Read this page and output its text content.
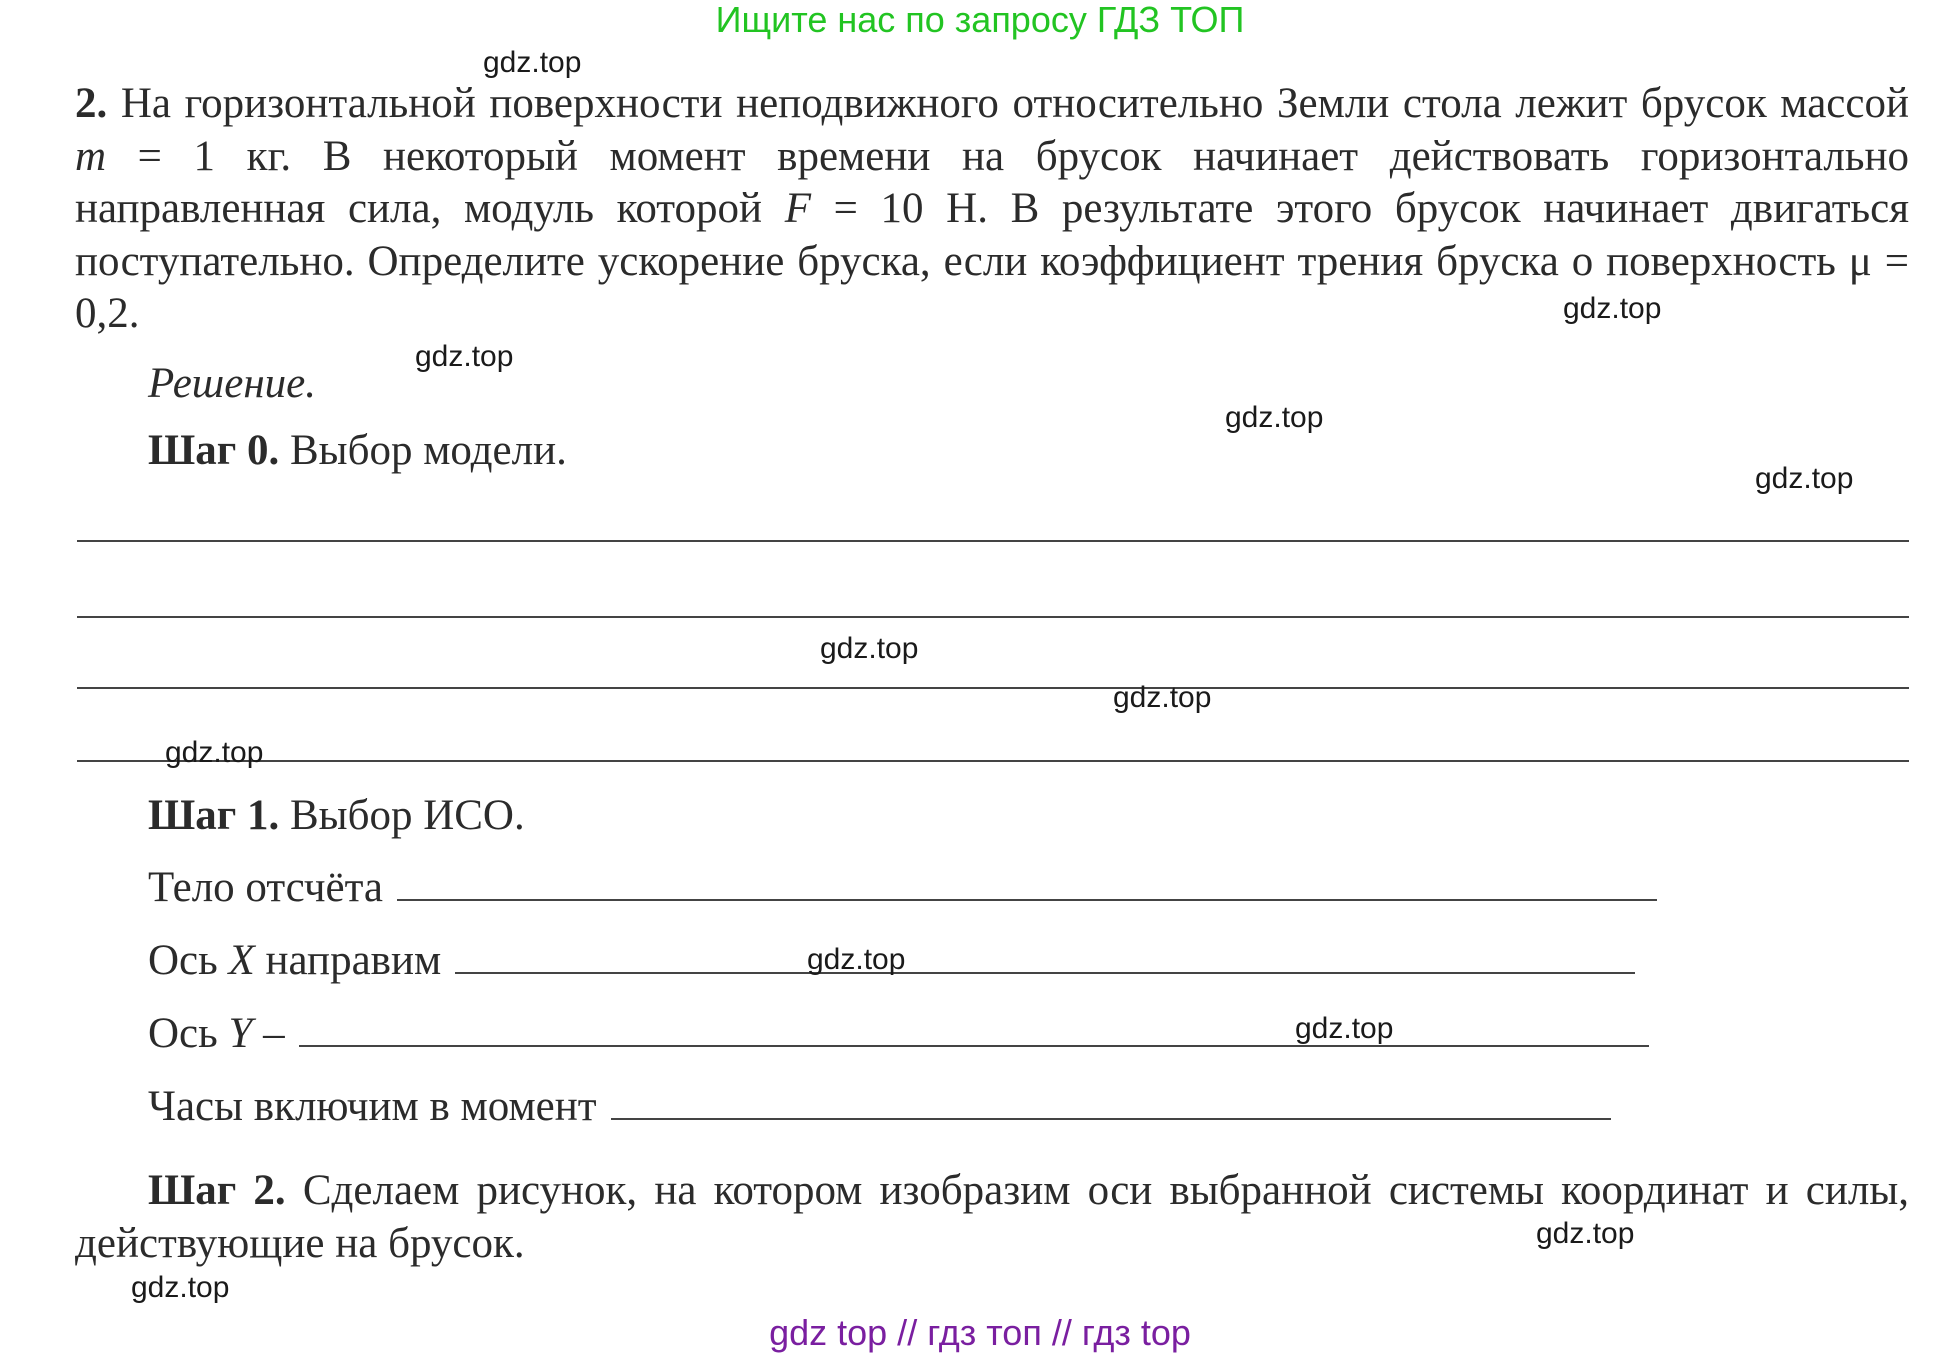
Ищите нас по запросу ГДЗ ТОП
2. На горизонтальной поверхности неподвижного относительно Земли стола лежит брусок массой m = 1 кг. В некоторый момент времени на брусок начинает действовать горизонтально направленная сила, модуль которой F = 10 Н. В результате этого брусок начинает двигаться поступательно. Определите ускорение бруска, если коэффициент трения бруска о поверхность μ = 0,2.
Решение.
Шаг 0. Выбор модели.
Шаг 1. Выбор ИСО.
Тело отсчёта
Ось X направим
Ось Y –
Часы включим в момент
Шаг 2. Сделаем рисунок, на котором изобразим оси выбранной системы координат и силы, действующие на брусок.
gdz.top
gdz.top
gdz.top
gdz.top
gdz.top
gdz.top
gdz.top
gdz.top
gdz.top
gdz.top
gdz.top
gdz.top
gdz top // гдз топ // гдз top
